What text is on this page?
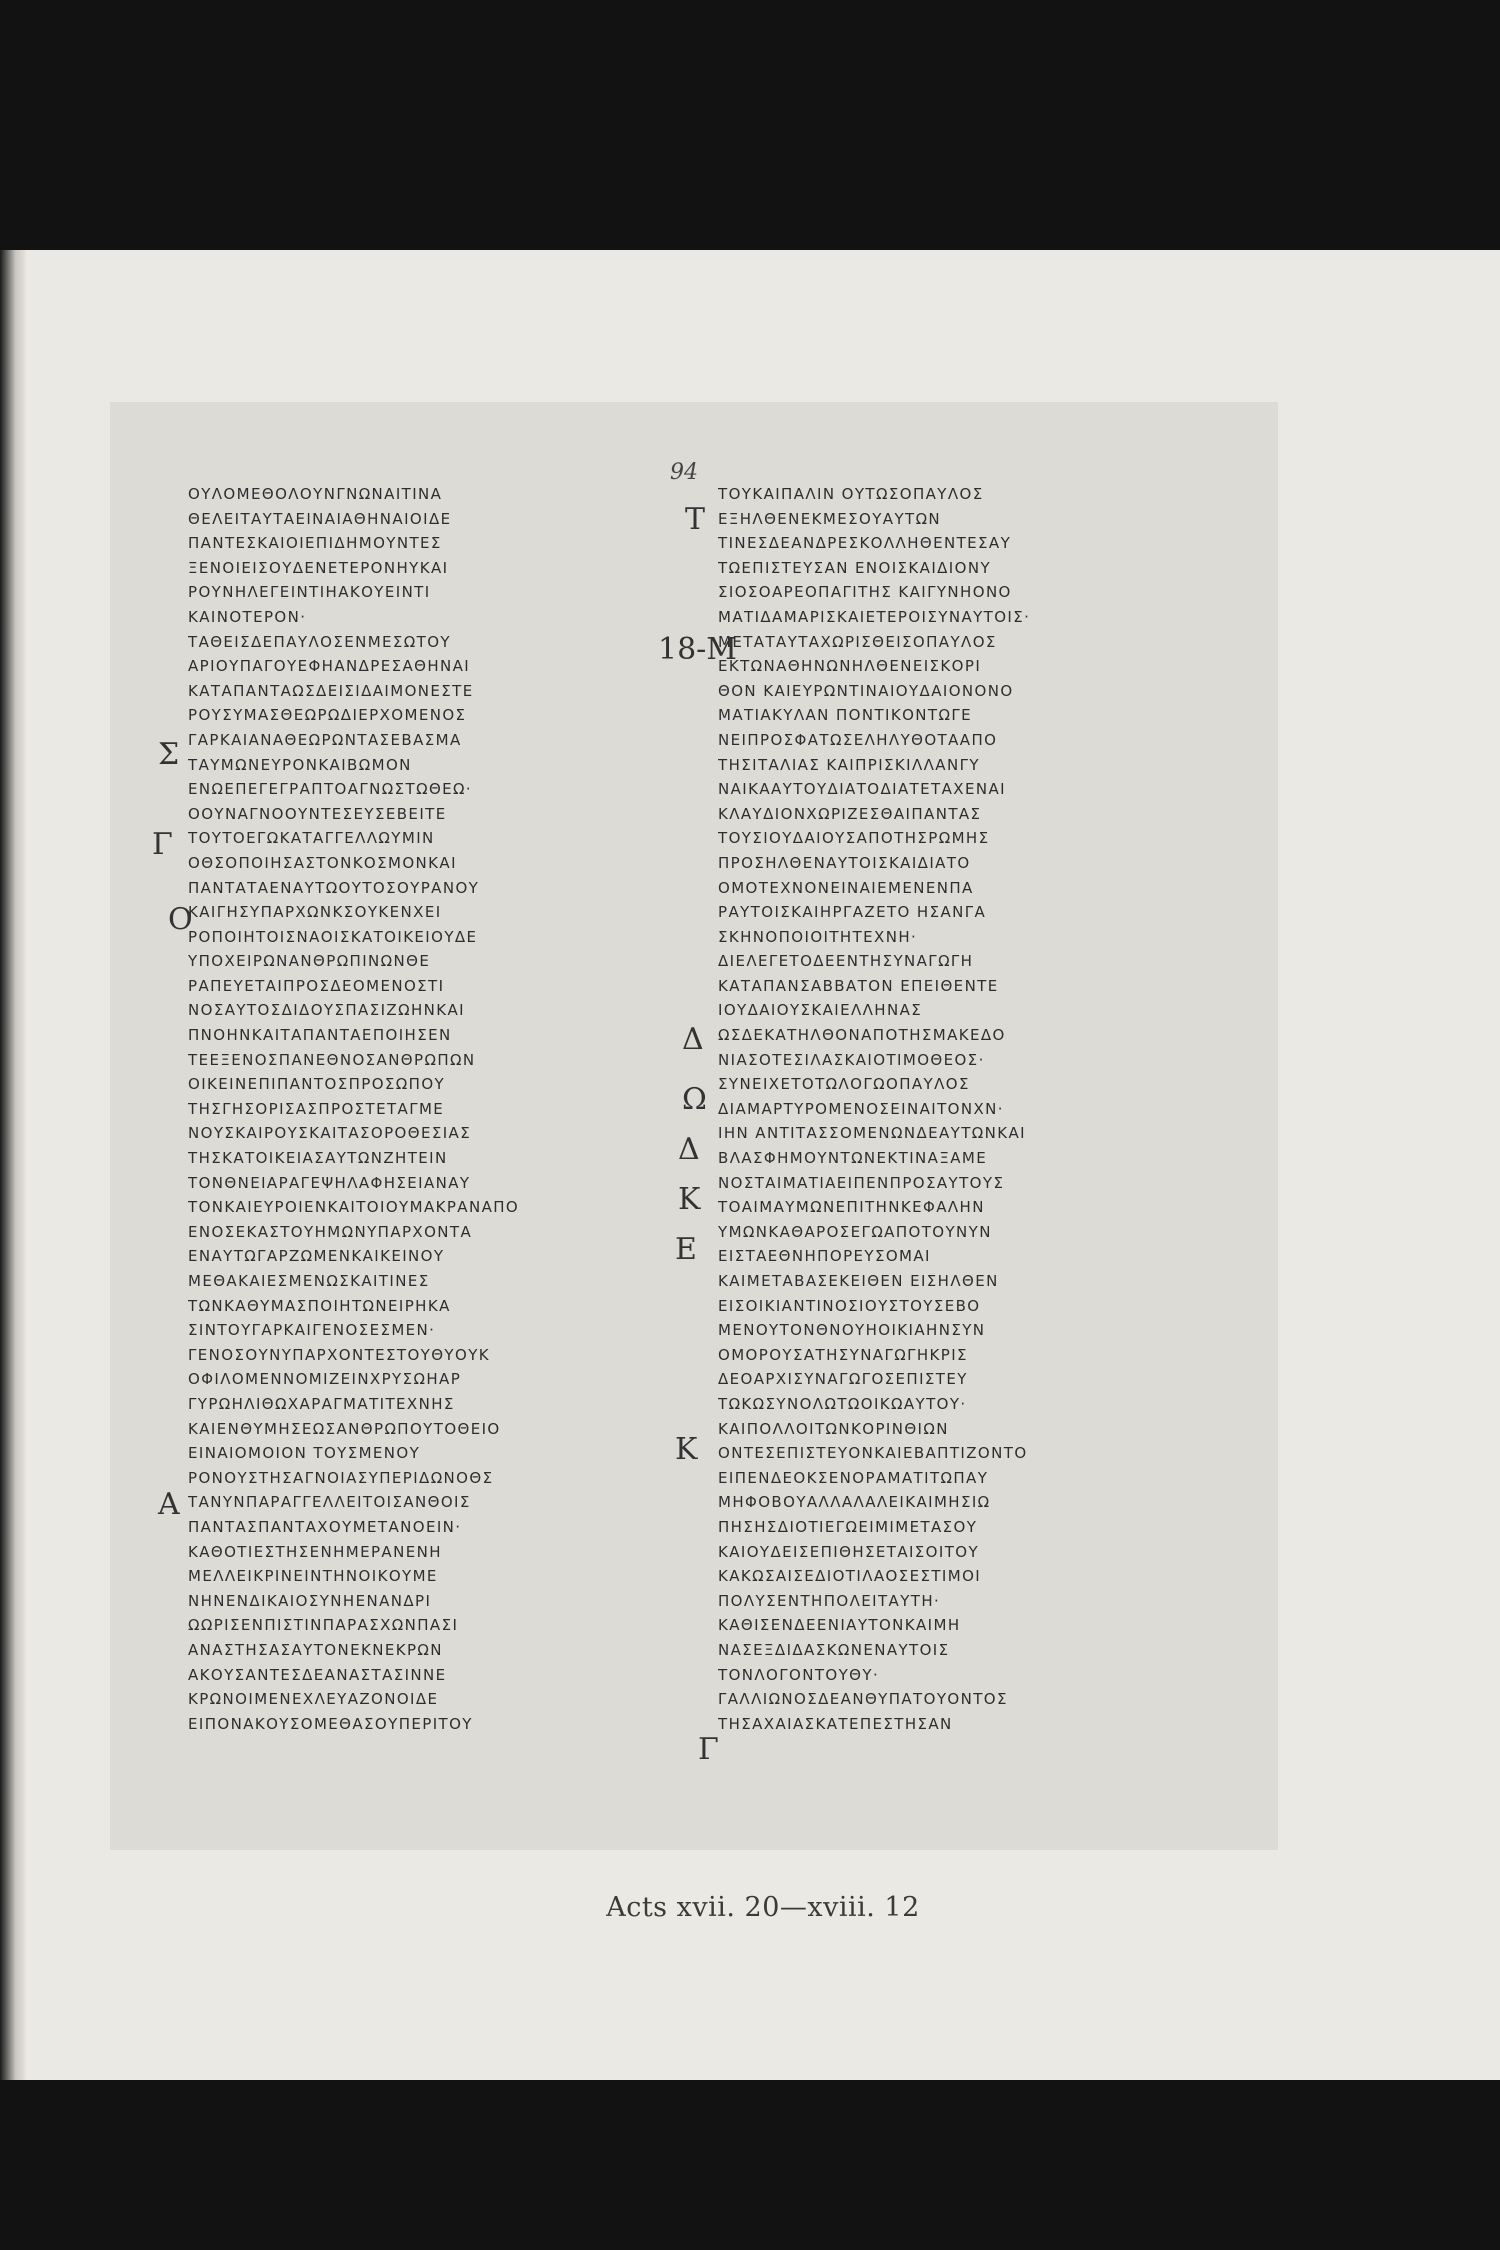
94
ΟΥΛΟΜΕΘΟΛΟΥΝΓΝΩΝΑΙΤΙΝΑ
ΘΕΛΕΙΤΑΥΤΑΕΙΝΑΙΑΘΗΝΑΙΟΙΔΕ
ΠΑΝΤΕΣΚΑΙΟΙΕΠΙΔΗΜΟΥΝΤΕΣ
ΞΕΝΟΙΕΙΣΟΥΔΕΝΕΤΕΡΟΝΗΥΚΑΙ
ΡΟΥΝΗΛΕΓΕΙΝΤΙΗΑΚΟΥΕΙΝΤΙ
ΚΑΙΝΟΤΕΡΟΝ·
ΤΑΘΕΙΣΔΕΠΑΥΛΟΣΕΝΜΕΣΩΤΟΥ
ΑΡΙΟΥΠΑΓΟΥΕΦΗΑΝΔΡΕΣΑΘΗΝΑΙ
ΚΑΤΑΠΑΝΤΑΩΣΔΕΙΣΙΔΑΙΜΟΝΕΣΤΕ
ΡΟΥΣΥΜΑΣΘΕΩΡΩΔΙΕΡΧΟΜΕΝΟΣ
ΓΑΡΚΑΙΑΝΑΘΕΩΡΩΝΤΑΣΕΒΑΣΜΑ
ΤΑΥΜΩΝΕΥΡΟΝΚΑΙΒΩΜΟΝ
ΕΝΩΕΠΕΓΕΓΡΑΠΤΟΑΓΝΩΣΤΩΘΕΩ·
ΟΟΥΝΑΓΝΟΟΥΝΤΕΣΕΥΣΕΒΕΙΤΕ
ΤΟΥΤΟΕΓΩΚΑΤΑΓΓΕΛΛΩΥΜΙΝ
ΟΘΣΟΠΟΙΗΣΑΣΤΟΝΚΟΣΜΟΝΚΑΙ
ΠΑΝΤΑΤΑΕΝΑΥΤΩΟΥΤΟΣΟΥΡΑΝΟΥ
ΚΑΙΓΗΣΥΠΑΡΧΩΝΚΣΟΥΚΕΝΧΕΙ
ΡΟΠΟΙΗΤΟΙΣΝΑΟΙΣΚΑΤΟΙΚΕΙΟΥΔΕ
ΥΠΟΧΕΙΡΩΝΑΝΘΡΩΠΙΝΩΝΘΕ
ΡΑΠΕΥΕΤΑΙΠΡΟΣΔΕΟΜΕΝΟΣΤΙ
ΝΟΣΑΥΤΟΣΔΙΔΟΥΣΠΑΣΙΖΩΗΝΚΑΙ
ΠΝΟΗΝΚΑΙΤΑΠΑΝΤΑΕΠΟΙΗΣΕΝ
ΤΕΕΞΕΝΟΣΠΑΝΕΘΝΟΣΑΝΘΡΩΠΩΝ
ΟΙΚΕΙΝΕΠΙΠΑΝΤΟΣΠΡΟΣΩΠΟΥ
ΤΗΣΓΗΣΟΡΙΣΑΣΠΡΟΣΤΕΤΑΓΜΕ
ΝΟΥΣΚΑΙΡΟΥΣΚΑΙΤΑΣΟΡΟΘΕΣΙΑΣ
ΤΗΣΚΑΤΟΙΚΕΙΑΣΑΥΤΩΝΖΗΤΕΙΝ
ΤΟΝΘΝΕΙΑΡΑΓΕΨΗΛΑΦΗΣΕΙΑΝΑΥ
ΤΟΝΚΑΙΕΥΡΟΙΕΝΚΑΙΤΟΙΟΥΜΑΚΡΑΝΑΠΟ
ΕΝΟΣΕΚΑΣΤΟΥΗΜΩΝΥΠΑΡΧΟΝΤΑ
ΕΝΑΥΤΩΓΑΡΖΩΜΕΝΚΑΙΚΕΙΝΟΥ
ΜΕΘΑΚΑΙΕΣΜΕΝΩΣΚΑΙΤΙΝΕΣ
ΤΩΝΚΑΘΥΜΑΣΠΟΙΗΤΩΝΕΙΡΗΚΑ
ΣΙΝΤΟΥΓΑΡΚΑΙΓΕΝΟΣΕΣΜΕΝ·
ΓΕΝΟΣΟΥΝΥΠΑΡΧΟΝΤΕΣΤΟΥΘΥΟΥΚ
ΟΦΙΛΟΜΕΝΝΟΜΙΖΕΙΝΧΡΥΣΩΗΑΡ
ΓΥΡΩΗΛΙΘΩΧΑΡΑΓΜΑΤΙΤΕΧΝΗΣ
ΚΑΙΕΝΘΥΜΗΣΕΩΣΑΝΘΡΩΠΟΥΤΟΘΕΙΟ
ΕΙΝΑΙΟΜΟΙΟΝ ΤΟΥΣΜΕΝΟΥ
ΡΟΝΟΥΣΤΗΣΑΓΝΟΙΑΣΥΠΕΡΙΔΩΝΟΘΣ
ΤΑΝΥΝΠΑΡΑΓΓΕΛΛΕΙΤΟΙΣΑΝΘΟΙΣ
ΠΑΝΤΑΣΠΑΝΤΑΧΟΥΜΕΤΑΝΟΕΙΝ·
ΚΑΘΟΤΙΕΣΤΗΣΕΝΗΜΕΡΑΝΕΝΗ
ΜΕΛΛΕΙΚΡΙΝΕΙΝΤΗΝΟΙΚΟΥΜΕ
ΝΗΝΕΝΔΙΚΑΙΟΣΥΝΗΕΝΑΝΔΡΙ
ΩΩΡΙΣΕΝΠΙΣΤΙΝΠΑΡΑΣΧΩΝΠΑΣΙ
ΑΝΑΣΤΗΣΑΣΑΥΤΟΝΕΚΝΕΚΡΩΝ
ΑΚΟΥΣΑΝΤΕΣΔΕΑΝΑΣΤΑΣΙΝΝΕ
ΚΡΩΝΟΙΜΕΝΕΧΛΕΥΑΖΟΝΟΙΔΕ
ΕΙΠΟΝΑΚΟΥΣΟΜΕΘΑΣΟΥΠΕΡΙΤΟΥ
ΤΟΥΚΑΙΠΑΛΙΝ ΟΥΤΩΣΟΠΑΥΛΟΣ
ΕΞΗΛΘΕΝΕΚΜΕΣΟΥΑΥΤΩΝ
ΤΙΝΕΣΔΕΑΝΔΡΕΣΚΟΛΛΗΘΕΝΤΕΣΑΥ
ΤΩΕΠΙΣΤΕΥΣΑΝ ΕΝΟΙΣΚΑΙΔΙΟΝΥ
ΣΙΟΣΟΑΡΕΟΠΑΓΙΤΗΣ ΚΑΙΓΥΝΗΟΝΟ
ΜΑΤΙΔΑΜΑΡΙΣΚΑΙΕΤΕΡΟΙΣΥΝΑΥΤΟΙΣ·
ΜΕΤΑΤΑΥΤΑΧΩΡΙΣΘΕΙΣΟΠΑΥΛΟΣ
ΕΚΤΩΝΑΘΗΝΩΝΗΛΘΕΝΕΙΣΚΟΡΙ
ΘΟΝ ΚΑΙΕΥΡΩΝΤΙΝΑΙΟΥΔΑΙΟΝΟΝΟ
ΜΑΤΙΑΚΥΛΑΝ ΠΟΝΤΙΚΟΝΤΩΓΕ
ΝΕΙΠΡΟΣΦΑΤΩΣΕΛΗΛΥΘΟΤΑΑΠΟ
ΤΗΣΙΤΑΛΙΑΣ ΚΑΙΠΡΙΣΚΙΛΛΑΝΓΥ
ΝΑΙΚΑΑΥΤΟΥΔΙΑΤΟΔΙΑΤΕΤΑΧΕΝΑΙ
ΚΛΑΥΔΙΟΝΧΩΡΙΖΕΣΘΑΙΠΑΝΤΑΣ
ΤΟΥΣΙΟΥΔΑΙΟΥΣΑΠΟΤΗΣΡΩΜΗΣ
ΠΡΟΣΗΛΘΕΝΑΥΤΟΙΣΚΑΙΔΙΑΤΟ
ΟΜΟΤΕΧΝΟΝΕΙΝΑΙΕΜΕΝΕΝΠΑ
ΡΑΥΤΟΙΣΚΑΙΗΡΓΑΖΕΤΟ ΗΣΑΝΓΑ
ΣΚΗΝΟΠΟΙΟΙΤΗΤΕΧΝΗ·
ΔΙΕΛΕΓΕΤΟΔΕΕΝΤΗΣΥΝΑΓΩΓΗ
ΚΑΤΑΠΑΝΣΑΒΒΑΤΟΝ ΕΠΕΙΘΕΝΤΕ
ΙΟΥΔΑΙΟΥΣΚΑΙΕΛΛΗΝΑΣ
ΩΣΔΕΚΑΤΗΛΘΟΝΑΠΟΤΗΣΜΑΚΕΔΟ
ΝΙΑΣΟΤΕΣΙΛΑΣΚΑΙΟΤΙΜΟΘΕΟΣ·
ΣΥΝΕΙΧΕΤΟΤΩΛΟΓΩΟΠΑΥΛΟΣ
ΔΙΑΜΑΡΤΥΡΟΜΕΝΟΣΕΙΝΑΙΤΟΝΧΝ·
ΙΗΝ ΑΝΤΙΤΑΣΣΟΜΕΝΩΝΔΕΑΥΤΩΝΚΑΙ
ΒΛΑΣΦΗΜΟΥΝΤΩΝΕΚΤΙΝΑΞΑΜΕ
ΝΟΣΤΑΙΜΑΤΙΑΕΙΠΕΝΠΡΟΣΑΥΤΟΥΣ
ΤΟΑΙΜΑΥΜΩΝΕΠΙΤΗΝΚΕΦΑΛΗΝ
ΥΜΩΝΚΑΘΑΡΟΣΕΓΩΑΠΟΤΟΥΝΥΝ
ΕΙΣΤΑΕΘΝΗΠΟΡΕΥΣΟΜΑΙ
ΚΑΙΜΕΤΑΒΑΣΕΚΕΙΘΕΝ ΕΙΣΗΛΘΕΝ
ΕΙΣΟΙΚΙΑΝΤΙΝΟΣΙΟΥΣΤΟΥΣΕΒΟ
ΜΕΝΟΥΤΟΝΘΝΟΥΗΟΙΚΙΑΗΝΣΥΝ
ΟΜΟΡΟΥΣΑΤΗΣΥΝΑΓΩΓΗΚΡΙΣ
ΔΕΟΑΡΧΙΣΥΝΑΓΩΓΟΣΕΠΙΣΤΕΥ
ΤΩΚΩΣΥΝΟΛΩΤΩΟΙΚΩΑΥΤΟΥ·
ΚΑΙΠΟΛΛΟΙΤΩΝΚΟΡΙΝΘΙΩΝ
ΟΝΤΕΣΕΠΙΣΤΕΥΟΝΚΑΙΕΒΑΠΤΙΖΟΝΤΟ
ΕΙΠΕΝΔΕΟΚΣΕΝΟΡΑΜΑΤΙΤΩΠΑΥ
ΜΗΦΟΒΟΥΑΛΛΑΛΑΛΕΙΚΑΙΜΗΣΙΩ
ΠΗΣΗΣΔΙΟΤΙΕΓΩΕΙΜΙΜΕΤΑΣΟΥ
ΚΑΙΟΥΔΕΙΣΕΠΙΘΗΣΕΤΑΙΣΟΙΤΟΥ
ΚΑΚΩΣΑΙΣΕΔΙΟΤΙΛΑΟΣΕΣΤΙΜΟΙ
ΠΟΛΥΣΕΝΤΗΠΟΛΕΙΤΑΥΤΗ·
ΚΑΘΙΣΕΝΔΕΕΝΙΑΥΤΟΝΚΑΙΜΗ
ΝΑΣΕΞΔΙΔΑΣΚΩΝΕΝΑΥΤΟΙΣ
ΤΟΝΛΟΓΟΝΤΟΥΘΥ·
ΓΑΛΛΙΩΝΟΣΔΕΑΝΘΥΠΑΤΟΥΟΝΤΟΣ
ΤΗΣΑΧΑΙΑΣΚΑΤΕΠΕΣΤΗΣΑΝ
Σ
Γ
Ο
Α
Τ
18-Μ
Δ
Ω
Δ
Κ
Ε
Κ
Γ
Acts xvii. 20—xviii. 12
